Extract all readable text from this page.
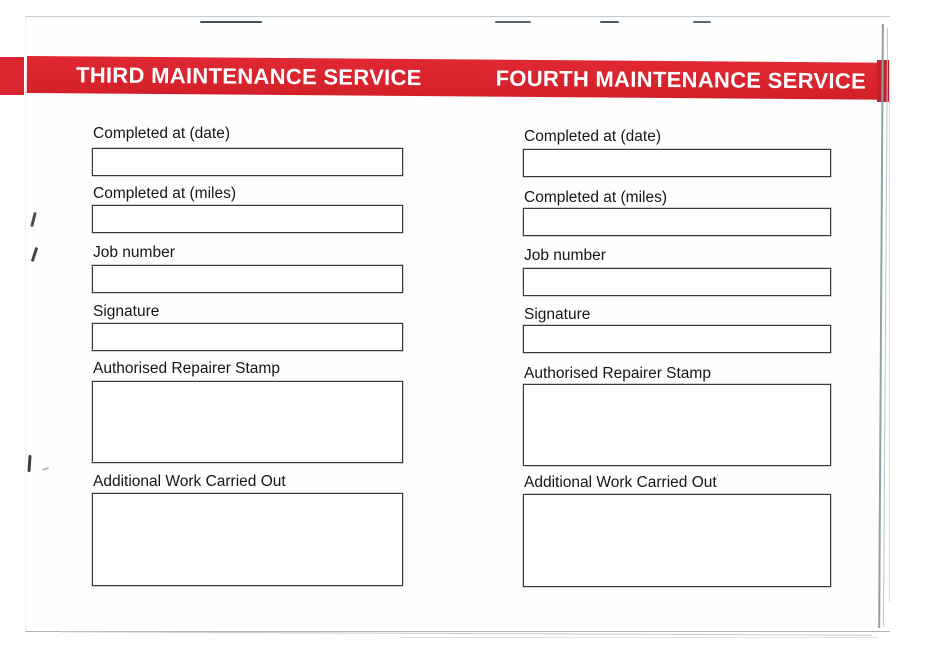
THIRD MAINTENANCE SERVICE	FOURTH MAINTENANCE SERVICE
Completed at (date)
Completed at (miles)
Job number
Signature
Authorised Repairer Stamp
Additional Work Carried Out
Completed at (date)
Completed at (miles)
Job number
Signature
Authorised Repairer Stamp
Additional Work Carried Out
